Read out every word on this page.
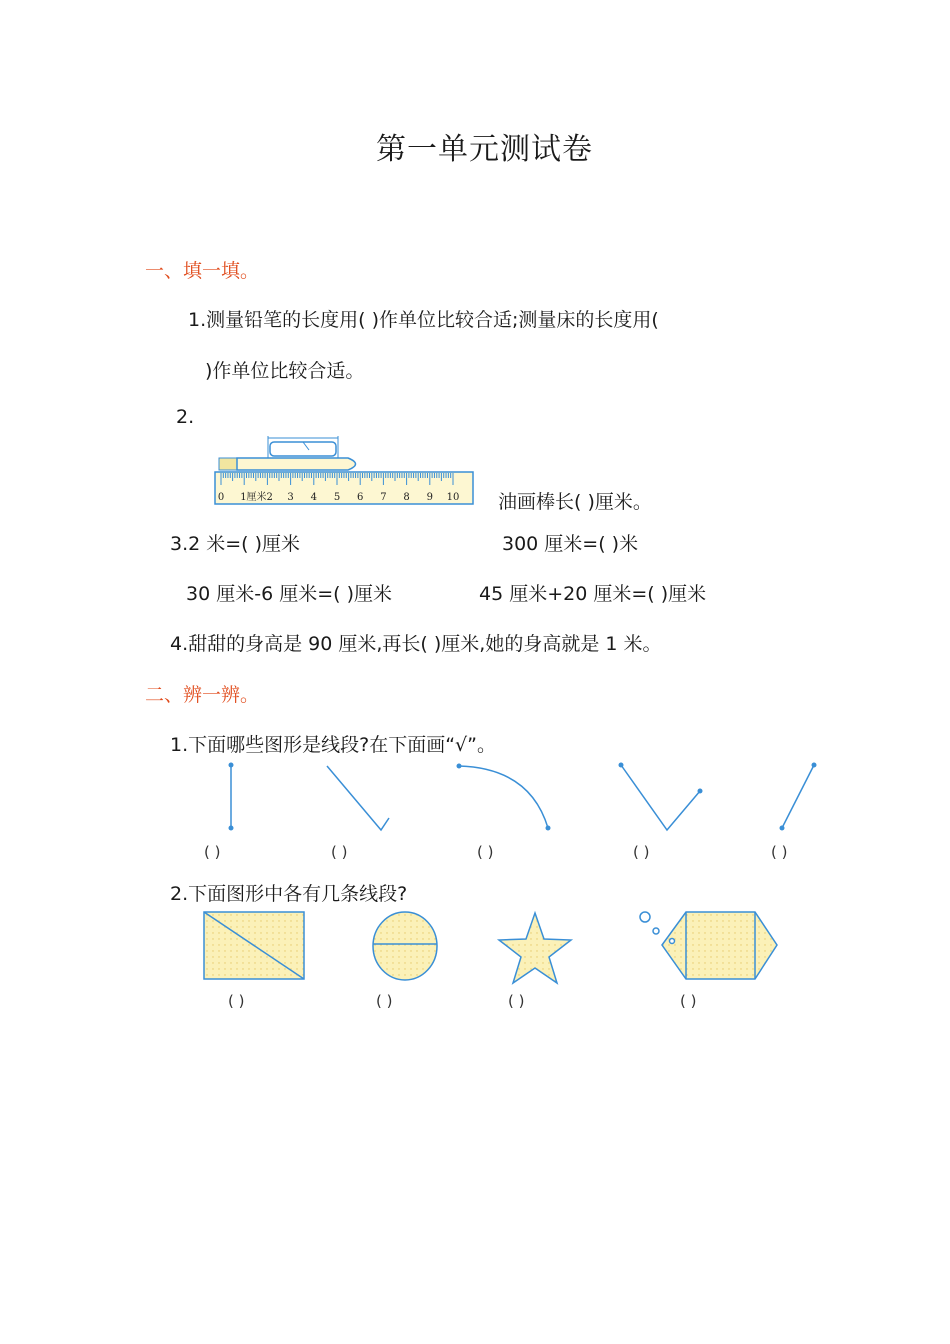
第一单元测试卷
一、填一填。
1.测量铅笔的长度用( )作单位比较合适;测量床的长度用(
)作单位比较合适。
2.
0 1厘米2 3 4 5 6 7 8 9 10 油画棒长( )厘米。
3.2 米=( )厘米	300 厘米=( )米
30 厘米-6 厘米=( )厘米	45 厘米+20 厘米=( )厘米
4.甜甜的身高是 90 厘米,再长( )厘米,她的身高就是 1 米。
二、辨一辨。
1.下面哪些图形是线段?在下面画“√”。
( )	( )	( )	( )	( )
2.下面图形中各有几条线段?
( )	( )	( )	( )
